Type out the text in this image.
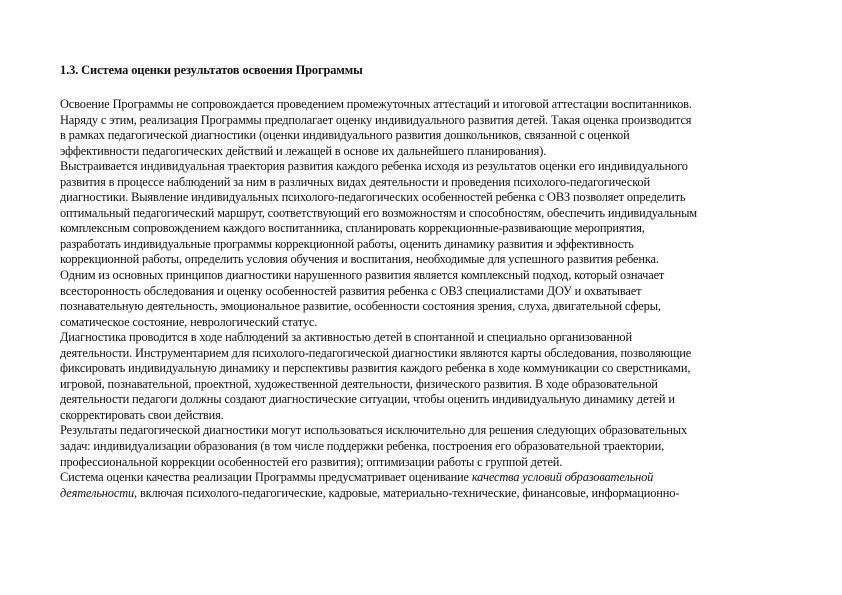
1.3. Система оценки результатов освоения Программы
Освоение Программы не сопровождается проведением промежуточных аттестаций и итоговой аттестации воспитанников.
Наряду с этим, реализация Программы предполагает оценку индивидуального развития детей. Такая оценка производится
в рамках педагогической диагностики (оценки индивидуального развития дошкольников, связанной с оценкой
эффективности педагогических действий и лежащей в основе их дальнейшего планирования).
Выстраивается индивидуальная траектория развития каждого ребенка исходя из результатов оценки его индивидуального
развития в процессе наблюдений за ним в различных видах деятельности и проведения психолого-педагогической
диагностики. Выявление индивидуальных психолого-педагогических особенностей ребенка с ОВЗ позволяет определить
оптимальный педагогический маршрут, соответствующий его возможностям и способностям, обеспечить индивидуальным
комплексным сопровождением каждого воспитанника, спланировать коррекционные-развивающие мероприятия,
разработать индивидуальные программы коррекционной работы, оценить динамику развития и эффективность
коррекционной работы, определить условия обучения и воспитания, необходимые для успешного развития ребенка.
Одним из основных принципов диагностики нарушенного развития является комплексный подход, который означает
всесторонность обследования и оценку особенностей развития ребенка с ОВЗ специалистами ДОУ и охватывает
познавательную деятельность, эмоциональное развитие, особенности состояния зрения, слуха, двигательной сферы,
соматическое состояние, неврологический статус.
Диагностика проводится в ходе наблюдений за активностью детей в спонтанной и специально организованной
деятельности. Инструментарием для психолого-педагогической диагностики являются карты обследования, позволяющие
фиксировать индивидуальную динамику и перспективы развития каждого ребенка в ходе коммуникации со сверстниками,
игровой, познавательной, проектной, художественной деятельности, физического развития. В ходе образовательной
деятельности педагоги должны создают диагностические ситуации, чтобы оценить индивидуальную динамику детей и
скорректировать свои действия.
Результаты педагогической диагностики могут использоваться исключительно для решения следующих образовательных
задач: индивидуализации образования (в том числе поддержки ребенка, построения его образовательной траектории,
профессиональной коррекции особенностей его развития); оптимизации работы с группой детей.
Система оценки качества реализации Программы предусматривает оценивание качества условий образовательной
деятельности, включая психолого-педагогические, кадровые, материально-технические, финансовые, информационно-
